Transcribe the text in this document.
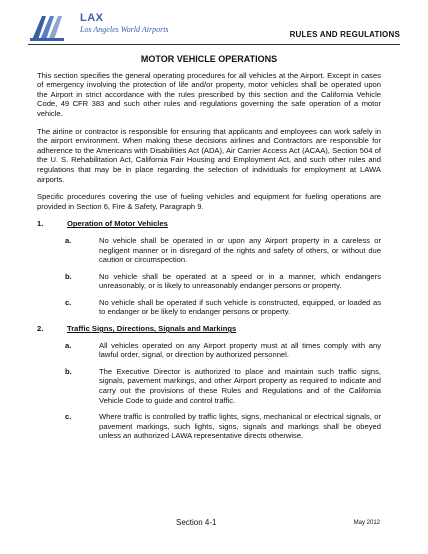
LAX
Los Angeles World Airports
RULES AND REGULATIONS
MOTOR VEHICLE OPERATIONS

This section specifies the general operating procedures for all vehicles at the Airport. Except in cases of emergency involving the protection of life and/or property, motor vehicles shall be operated upon the Airport in strict accordance with the rules prescribed by this section and the California Vehicle Code, 49 CFR 383 and such other rules and regulations governing the safe operation of a motor vehicle.

The airline or contractor is responsible for ensuring that applicants and employees can work safely in the airport environment. When making these decisions airlines and Contractors are responsible for adherence to the Americans with Disabilities Act (ADA), Air Carrier Access Act (ACAA), Section 504 of the U. S. Rehabilitation Act, California Fair Housing and Employment Act, and such other rules and regulations that may be in place regarding the selection of individuals for employment at LAWA airports.

Specific procedures covering the use of fueling vehicles and equipment for fueling operations are provided in Section 6, Fire & Safety, Paragraph 9.

1.	Operation of Motor Vehicles
a.	No vehicle shall be operated in or upon any Airport property in a careless or negligent manner or in disregard of the rights and safety of others, or without due caution or circumspection.
b.	No vehicle shall be operated at a speed or in a manner, which endangers unreasonably, or is likely to unreasonably endanger persons or property.
c.	No vehicle shall be operated if such vehicle is constructed, equipped, or loaded as to endanger or be likely to endanger persons or property.
2.	Traffic Signs, Directions, Signals and Markings
a.	All vehicles operated on any Airport property must at all times comply with any lawful order, signal, or direction by authorized personnel.
b.	The Executive Director is authorized to place and maintain such traffic signs, signals, pavement markings, and other Airport property as required to indicate and carry out the provisions of these Rules and Regulations and of the California Vehicle Code to guide and control traffic.
c.	Where traffic is controlled by traffic lights, signs, mechanical or electrical signals, or pavement markings, such lights, signs, signals and markings shall be obeyed unless an authorized LAWA representative directs otherwise.
Section 4-1	May 2012
